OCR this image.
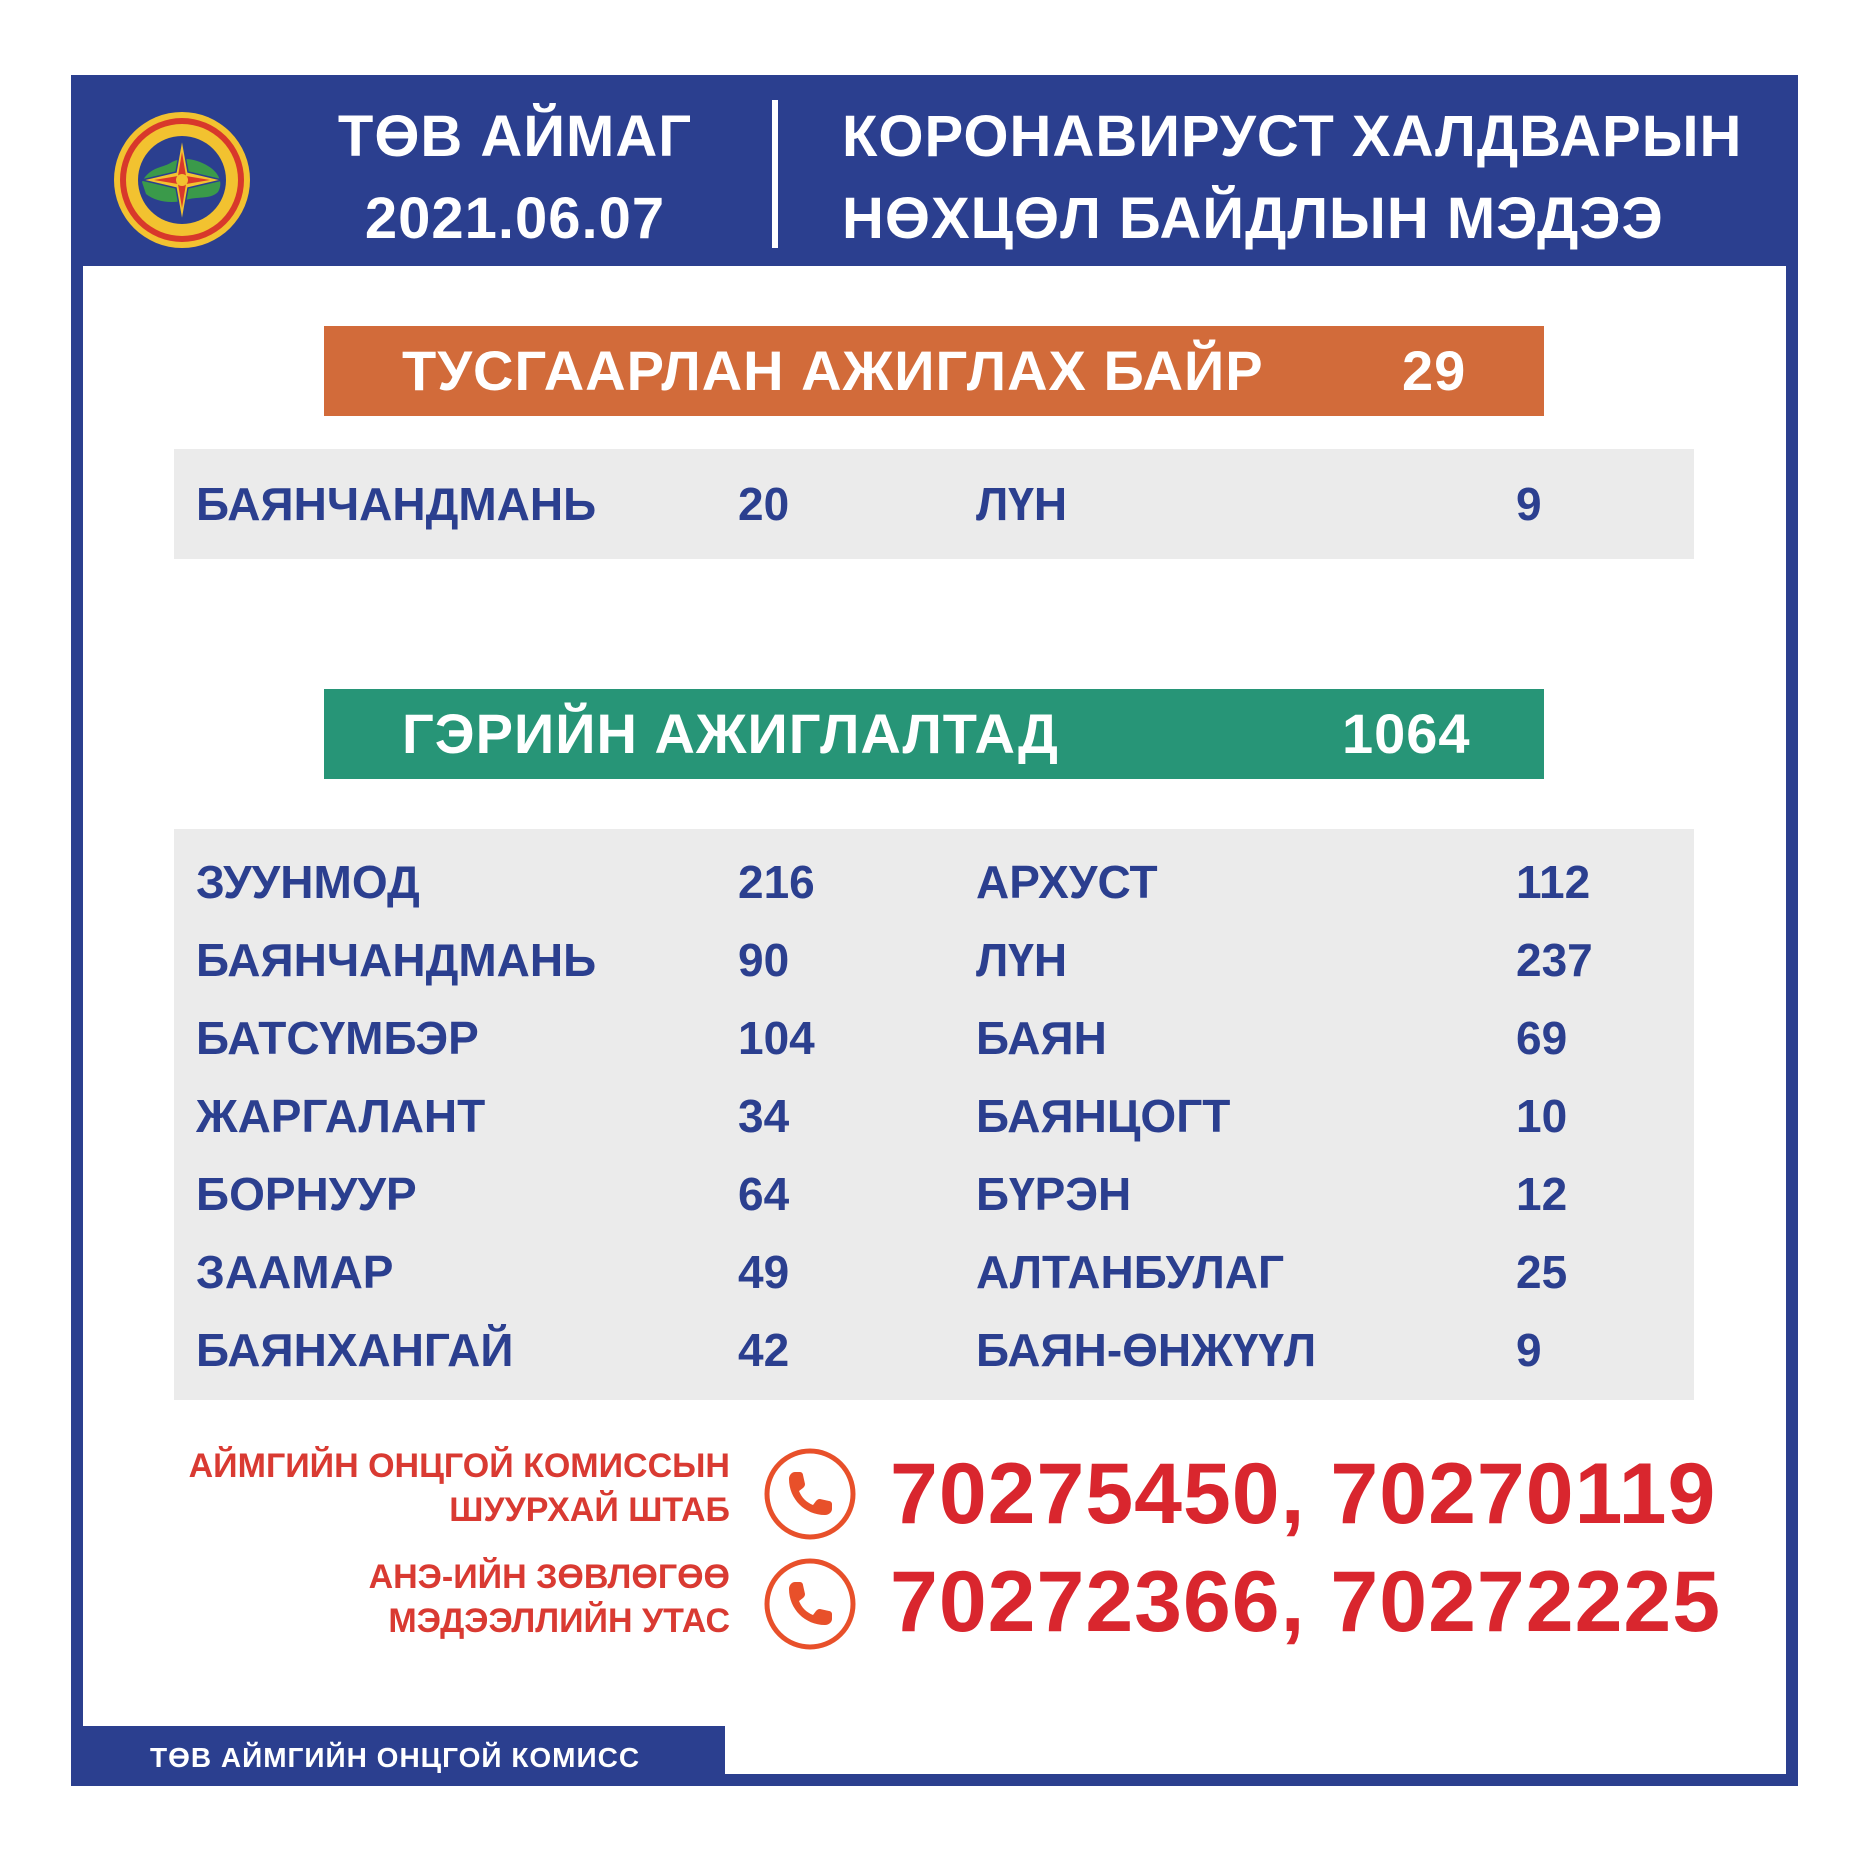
ТӨВ АЙМАГ
2021.06.07
КОРОНАВИРУСТ ХАЛДВАРЫН
НӨХЦӨЛ БАЙДЛЫН МЭДЭЭ
ТУСГААРЛАН АЖИГЛАХ БАЙР 29
БАЯНЧАНДМАНЬ	20	ЛҮН	9
ГЭРИЙН АЖИГЛАЛТАД	1064
ЗУУНМОД	216	АРХУСТ	112
БАЯНЧАНДМАНЬ	90	ЛҮН	237
БАТСҮМБЭР	104	БАЯН	69
ЖАРГАЛАНТ	34	БАЯНЦОГТ	10
БОРНУУР	64	БҮРЭН	12
ЗААМАР	49	АЛТАНБУЛАГ	25
БАЯНХАНГАЙ	42	БАЯН-ӨНЖҮҮЛ	9
АЙМГИЙН ОНЦГОЙ КОМИССЫН
ШУУРХАЙ ШТАБ 70275450, 70270119
АНЭ-ИЙН ЗӨВЛӨГӨӨ
МЭДЭЭЛЛИЙН УТАС 70272366, 70272225
ТӨВ АЙМГИЙН ОНЦГОЙ КОМИСС
